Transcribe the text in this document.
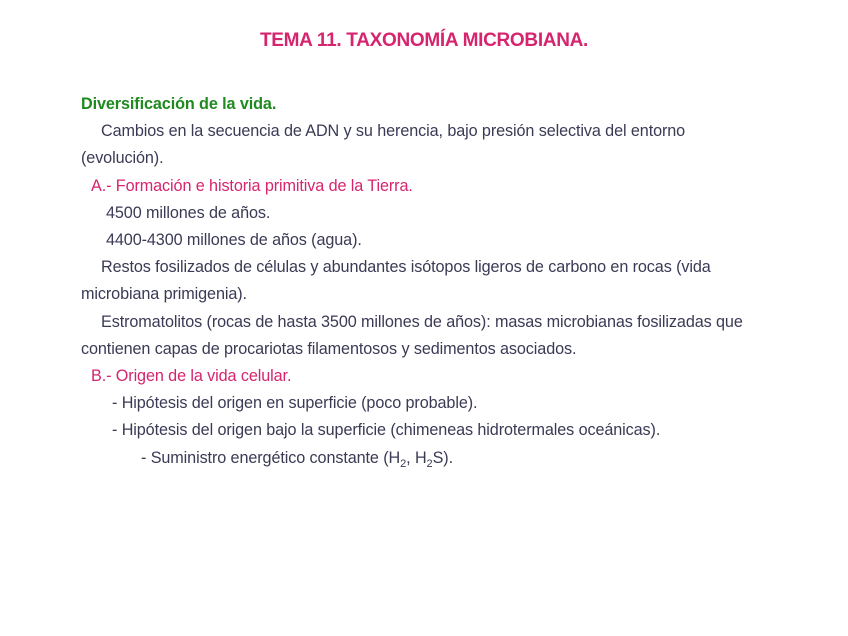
TEMA 11. TAXONOMÍA MICROBIANA.

Diversificación de la vida.

Cambios en la secuencia de ADN y su herencia, bajo presión selectiva del entorno (evolución).

A.- Formación e historia primitiva de la Tierra.

4500 millones de años.

4400-4300 millones de años (agua).

Restos fosilizados de células y abundantes isótopos ligeros de carbono en rocas (vida microbiana primigenia).

Estromatolitos (rocas de hasta 3500 millones de años): masas microbianas fosilizadas que contienen capas de procariotas filamentosos y sedimentos asociados.

B.- Origen de la vida celular.

- Hipótesis del origen en superficie (poco probable).

- Hipótesis del origen bajo la superficie (chimeneas hidrotermales oceánicas).

- Suministro energético constante ($H_2$, $H_2S$).
